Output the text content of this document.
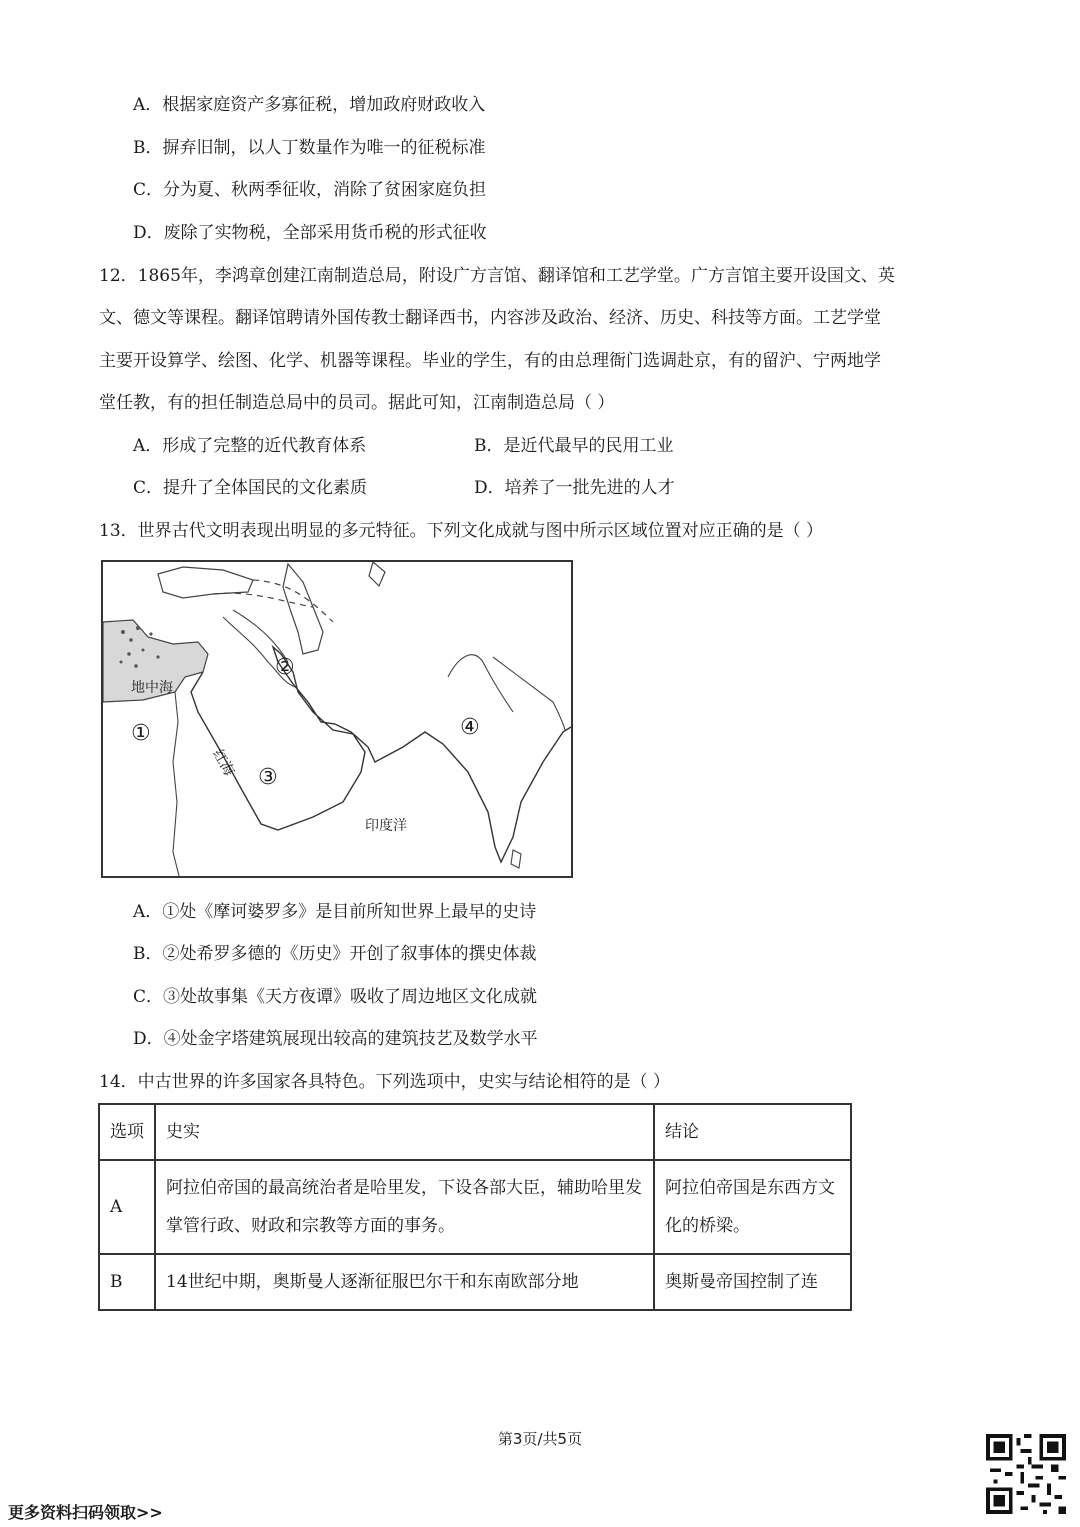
A．根据家庭资产多寡征税，增加政府财政收入
B．摒弃旧制，以人丁数量作为唯一的征税标准
C．分为夏、秋两季征收，消除了贫困家庭负担
D．废除了实物税，全部采用货币税的形式征收
12．1865年，李鸿章创建江南制造总局，附设广方言馆、翻译馆和工艺学堂。广方言馆主要开设国文、英
文、德文等课程。翻译馆聘请外国传教士翻译西书，内容涉及政治、经济、历史、科技等方面。工艺学堂
主要开设算学、绘图、化学、机器等课程。毕业的学生，有的由总理衙门选调赴京，有的留沪、宁两地学
堂任教，有的担任制造总局中的员司。据此可知，江南制造总局（ ）
A．形成了完整的近代教育体系	B．是近代最早的民用工业
C．提升了全体国民的文化素质	D．培养了一批先进的人才
13．世界古代文明表现出明显的多元特征。下列文化成就与图中所示区域位置对应正确的是（ ）
地中海
红海
印度洋
①
②
③
④
A．①处《摩诃婆罗多》是目前所知世界上最早的史诗
B．②处希罗多德的《历史》开创了叙事体的撰史体裁
C．③处故事集《天方夜谭》吸收了周边地区文化成就
D．④处金字塔建筑展现出较高的建筑技艺及数学水平
14．中古世界的许多国家各具特色。下列选项中，史实与结论相符的是（ ）
选项	史实	结论
A	阿拉伯帝国的最高统治者是哈里发，下设各部大臣，辅助哈里发掌管行政、财政和宗教等方面的事务。	阿拉伯帝国是东西方文化的桥梁。
B	14世纪中期，奥斯曼人逐渐征服巴尔干和东南欧部分地	奥斯曼帝国控制了连
第3页/共5页
更多资料扫码领取>>
